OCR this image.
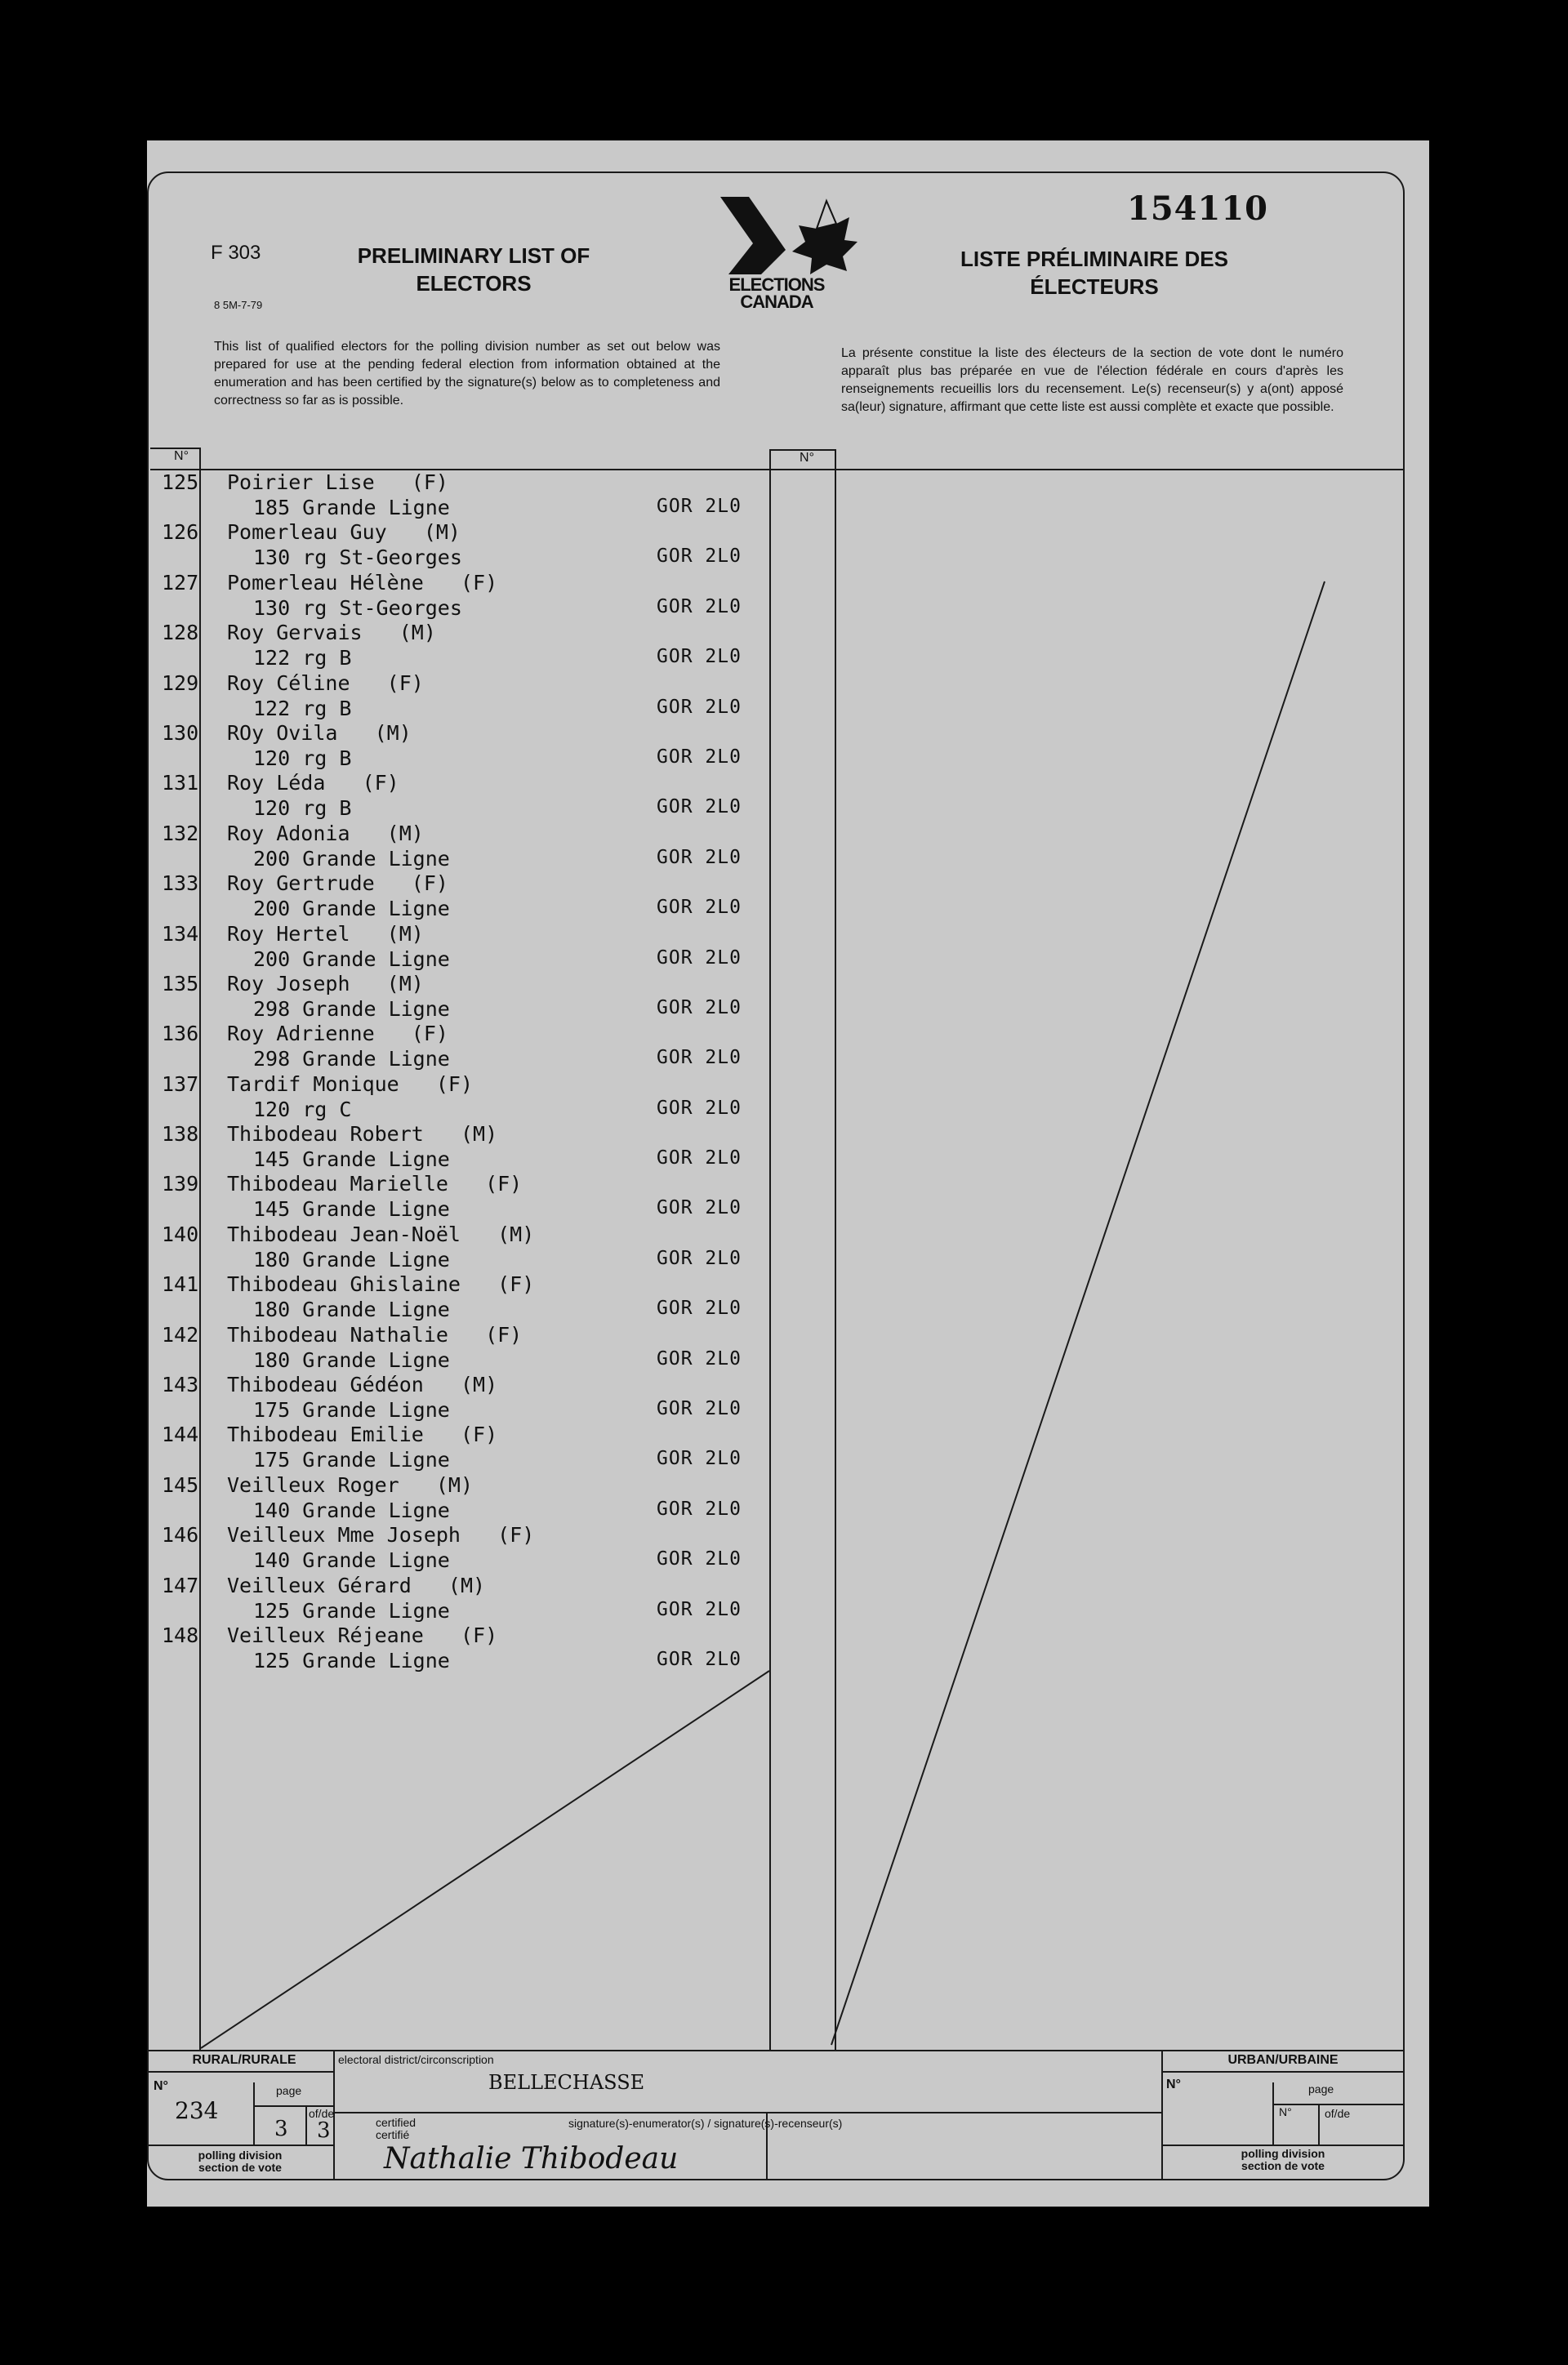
F 303
8 5M-7-79
PRELIMINARY LIST OF ELECTORS
LISTE PRÉLIMINAIRE DES ÉLECTEURS
154110
ELECTIONS
CANADA
This list of qualified electors for the polling division number as set out below was prepared for use at the pending federal election from information obtained at the enumeration and has been certified by the signature(s) below as to completeness and correctness so far as is possible.
La présente constitue la liste des électeurs de la section de vote dont le numéro apparaît plus bas préparée en vue de l'élection fédérale en cours d'après les renseignements recueillis lors du recensement. Le(s) recenseur(s) y a(ont) apposé sa(leur) signature, affirmant que cette liste est aussi complète et exacte que possible.
N°	N°
125	Poirier Lise   (F)
185 Grande Ligne	GOR 2L0
126	Pomerleau Guy   (M)
130 rg St-Georges	GOR 2L0
127	Pomerleau Hélène   (F)
130 rg St-Georges	GOR 2L0
128	Roy Gervais   (M)
122 rg B	GOR 2L0
129	Roy Céline   (F)
122 rg B	GOR 2L0
130	ROy Ovila   (M)
120 rg B	GOR 2L0
131	Roy Léda   (F)
120 rg B	GOR 2L0
132	Roy Adonia   (M)
200 Grande Ligne	GOR 2L0
133	Roy Gertrude   (F)
200 Grande Ligne	GOR 2L0
134	Roy Hertel   (M)
200 Grande Ligne	GOR 2L0
135	Roy Joseph   (M)
298 Grande Ligne	GOR 2L0
136	Roy Adrienne   (F)
298 Grande Ligne	GOR 2L0
137	Tardif Monique   (F)
120 rg C	GOR 2L0
138	Thibodeau Robert   (M)
145 Grande Ligne	GOR 2L0
139	Thibodeau Marielle   (F)
145 Grande Ligne	GOR 2L0
140	Thibodeau Jean-Noël   (M)
180 Grande Ligne	GOR 2L0
141	Thibodeau Ghislaine   (F)
180 Grande Ligne	GOR 2L0
142	Thibodeau Nathalie   (F)
180 Grande Ligne	GOR 2L0
143	Thibodeau Gédéon   (M)
175 Grande Ligne	GOR 2L0
144	Thibodeau Emilie   (F)
175 Grande Ligne	GOR 2L0
145	Veilleux Roger   (M)
140 Grande Ligne	GOR 2L0
146	Veilleux Mme Joseph   (F)
140 Grande Ligne	GOR 2L0
147	Veilleux Gérard   (M)
125 Grande Ligne	GOR 2L0
148	Veilleux Réjeane   (F)
125 Grande Ligne	GOR 2L0
RURAL/RURALE	URBAN/URBAINE
N°	page
of/de
234
3 3
polling division
section de vote
electoral district/circonscription
BELLECHASSE
certified
certifié
signature(s)-enumerator(s) / signature(s)-recenseur(s)
Nathalie Thibodeau
N°	page
N°	of/de
polling division
section de vote
